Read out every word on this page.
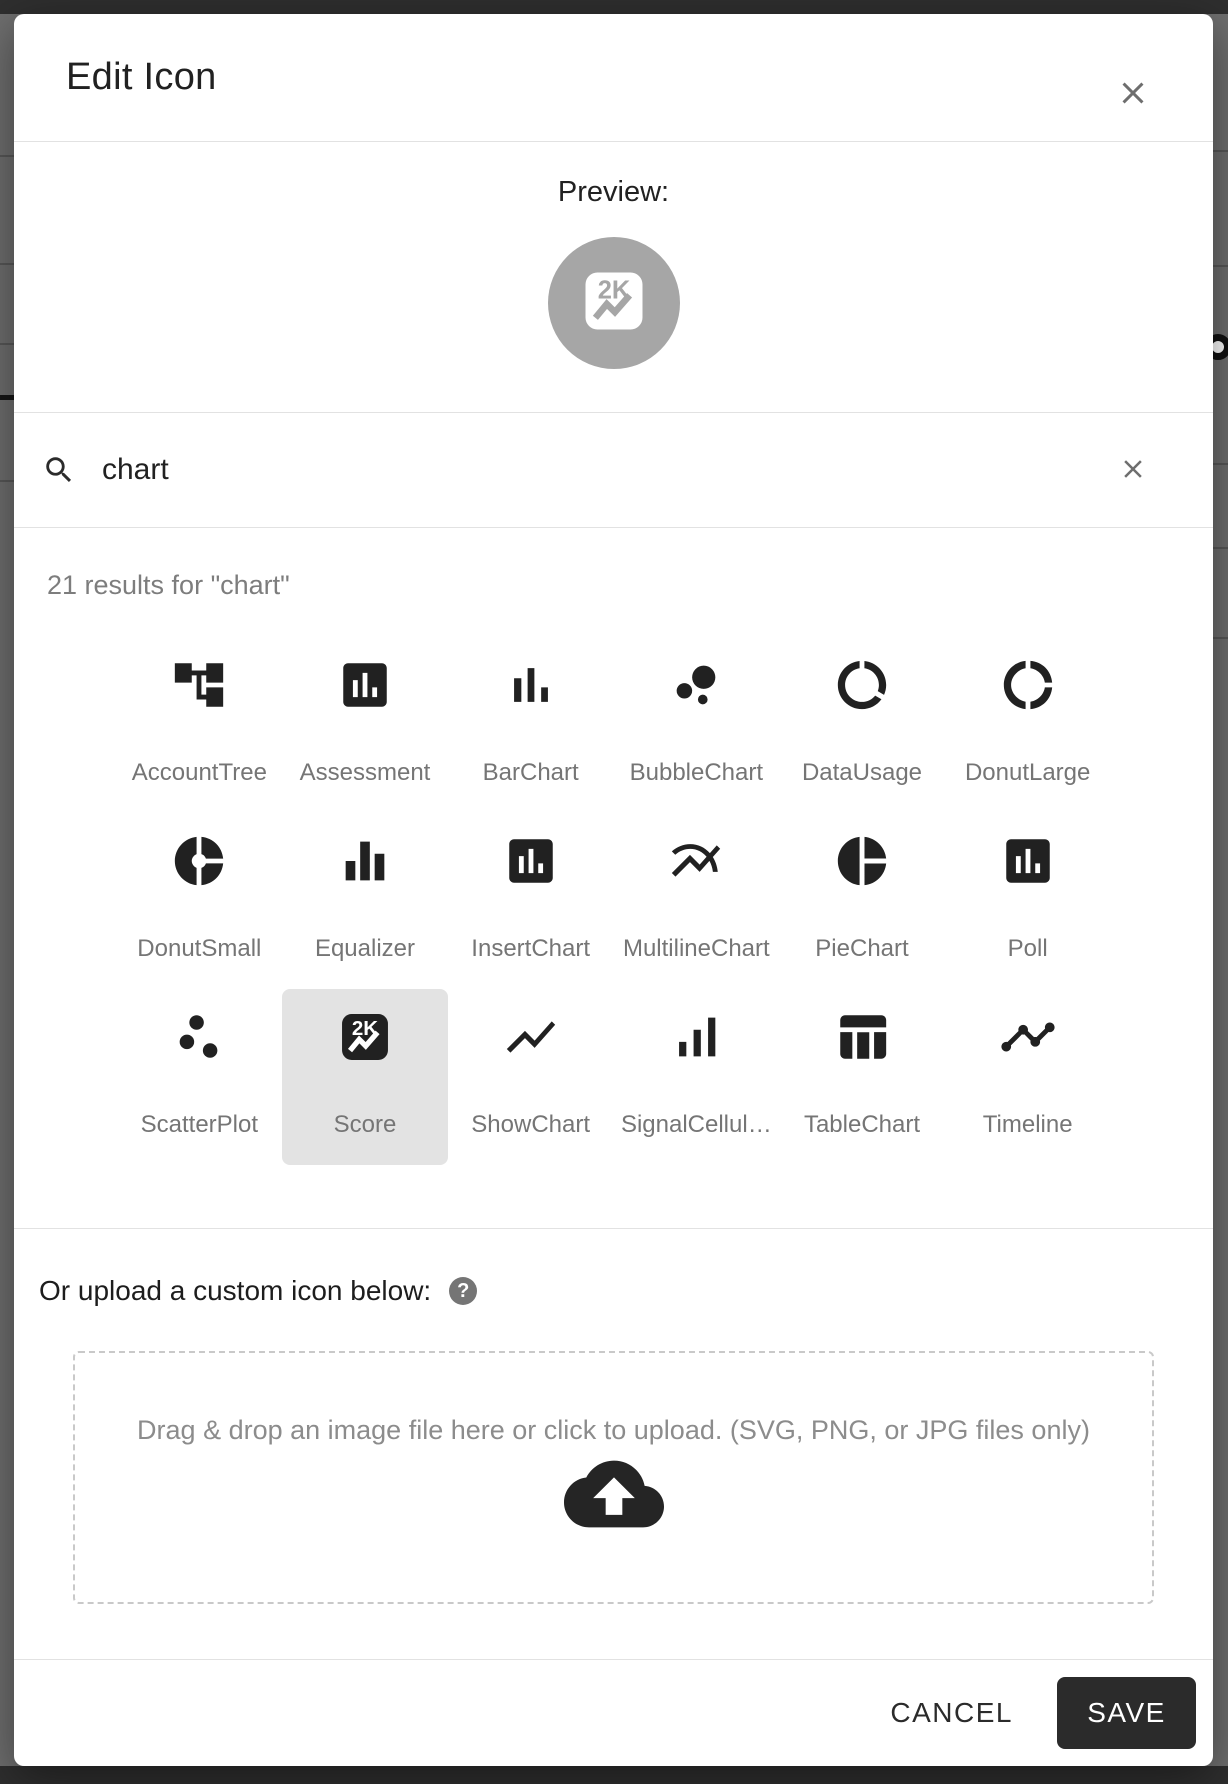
Edit Icon
Preview:
2K
chart
21 results for "chart"
AccountTree Assessment BarChart BubbleChart DataUsage DonutLarge
DonutSmall Equalizer InsertChart MultilineChart PieChart	Poll
ScatterPlot
2K
Score	ShowChart SignalCellul… TableChart	Timeline
Or upload a custom icon below:	?
Drag & drop an image file here or click to upload. (SVG, PNG, or JPG files only)
CANCEL	SAVE
